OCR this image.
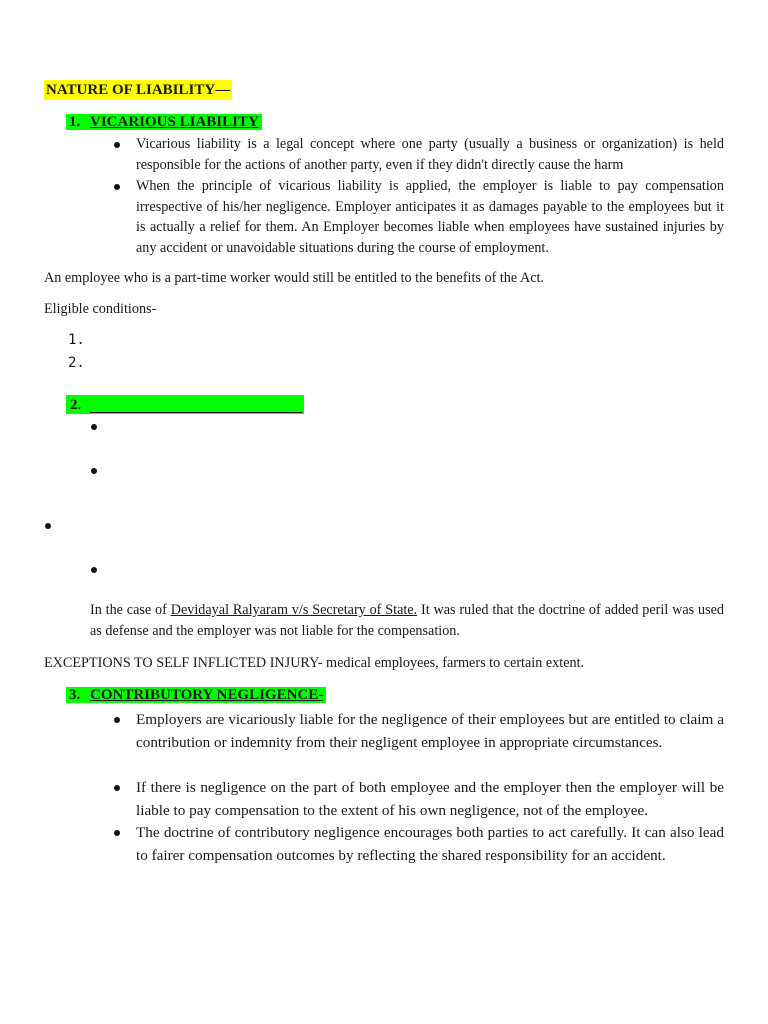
NATURE OF LIABILITY—
1. VICARIOUS LIABILITY
Vicarious liability is a legal concept where one party (usually a business or organization) is held responsible for the actions of another party, even if they didn't directly cause the harm
When the principle of vicarious liability is applied, the employer is liable to pay compensation irrespective of his/her negligence. Employer anticipates it as damages payable to the employees but it is actually a relief for them. An Employer becomes liable when employees have sustained injuries by any accident or unavoidable situations during the course of employment.
An employee who is a part-time worker would still be entitled to the benefits of the Act.
Eligible conditions-
1.
2.
2.
In the case of Devidayal Ralyaram v/s Secretary of State. It was ruled that the doctrine of added peril was used as defense and the employer was not liable for the compensation.
EXCEPTIONS TO SELF INFLICTED INJURY- medical employees, farmers to certain extent.
3. CONTRIBUTORY NEGLIGENCE-
Employers are vicariously liable for the negligence of their employees but are entitled to claim a contribution or indemnity from their negligent employee in appropriate circumstances.
If there is negligence on the part of both employee and the employer then the employer will be liable to pay compensation to the extent of his own negligence, not of the employee.
The doctrine of contributory negligence encourages both parties to act carefully. It can also lead to fairer compensation outcomes by reflecting the shared responsibility for an accident.
